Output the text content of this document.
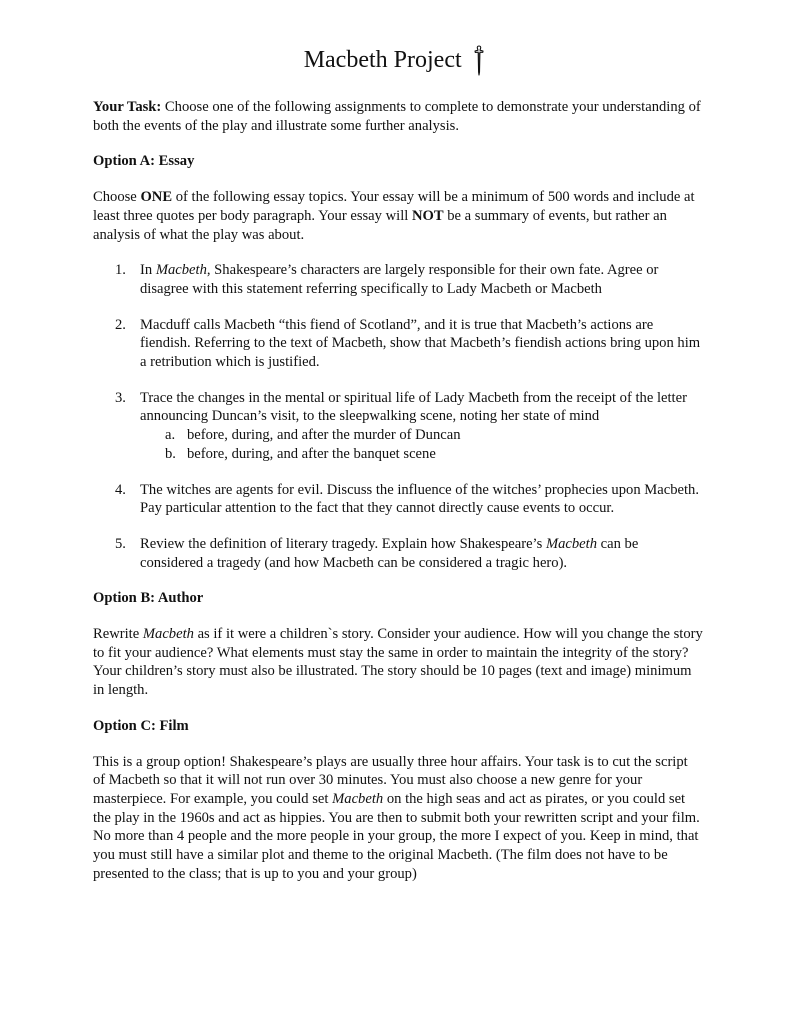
Macbeth Project

Your Task: Choose one of the following assignments to complete to demonstrate your understanding of both the events of the play and illustrate some further analysis.

Option A: Essay

Choose ONE of the following essay topics. Your essay will be a minimum of 500 words and include at least three quotes per body paragraph. Your essay will NOT be a summary of events, but rather an analysis of what the play was about.

1. In Macbeth, Shakespeare’s characters are largely responsible for their own fate. Agree or disagree with this statement referring specifically to Lady Macbeth or Macbeth
2. Macduff calls Macbeth “this fiend of Scotland”, and it is true that Macbeth’s actions are fiendish. Referring to the text of Macbeth, show that Macbeth’s fiendish actions bring upon him a retribution which is justified.
3. Trace the changes in the mental or spiritual life of Lady Macbeth from the receipt of the letter announcing Duncan’s visit, to the sleepwalking scene, noting her state of mind
a. before, during, and after the murder of Duncan
b. before, during, and after the banquet scene
4. The witches are agents for evil. Discuss the influence of the witches’ prophecies upon Macbeth. Pay particular attention to the fact that they cannot directly cause events to occur.
5. Review the definition of literary tragedy. Explain how Shakespeare’s Macbeth can be considered a tragedy (and how Macbeth can be considered a tragic hero).

Option B: Author

Rewrite Macbeth as if it were a children`s story. Consider your audience. How will you change the story to fit your audience? What elements must stay the same in order to maintain the integrity of the story? Your children’s story must also be illustrated. The story should be 10 pages (text and image) minimum in length.

Option C: Film

This is a group option! Shakespeare’s plays are usually three hour affairs. Your task is to cut the script of Macbeth so that it will not run over 30 minutes. You must also choose a new genre for your masterpiece. For example, you could set Macbeth on the high seas and act as pirates, or you could set the play in the 1960s and act as hippies. You are then to submit both your rewritten script and your film. No more than 4 people and the more people in your group, the more I expect of you. Keep in mind, that you must still have a similar plot and theme to the original Macbeth. (The film does not have to be presented to the class; that is up to you and your group)
